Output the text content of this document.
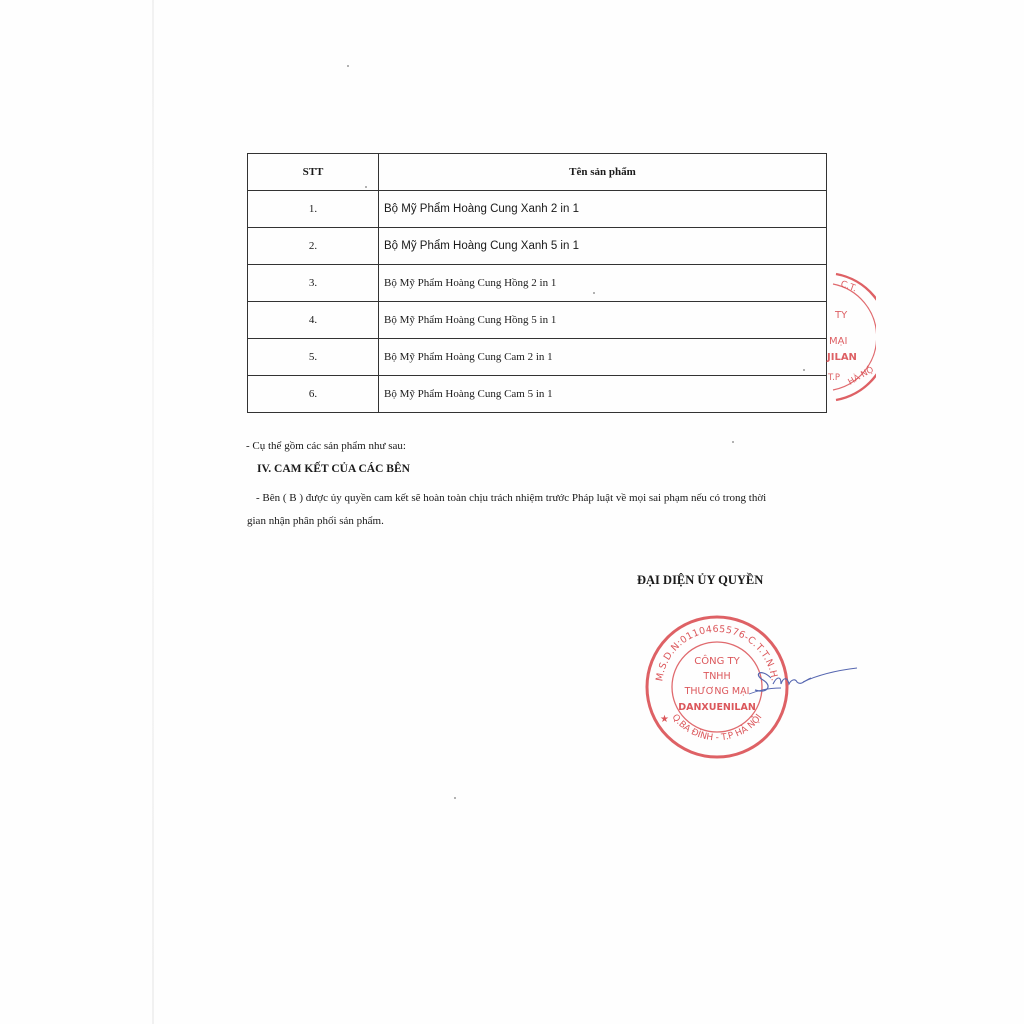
STT	Tên sản phẩm
1.	Bộ Mỹ Phẩm Hoàng Cung Xanh 2 in 1
2.	Bộ Mỹ Phẩm Hoàng Cung Xanh 5 in 1
3.	Bộ Mỹ Phẩm Hoàng Cung Hồng 2 in 1
4.	Bộ Mỹ Phẩm Hoàng Cung Hồng 5 in 1
5.	Bộ Mỹ Phẩm Hoàng Cung Cam 2 in 1
6.	Bộ Mỹ Phẩm Hoàng Cung Cam 5 in 1
C.T.
HÀ NỘ
TY
MẠI
JILAN
T.P
- Cụ thể gồm các sản phẩm như sau:
IV. CAM KẾT CỦA CÁC BÊN
- Bên ( B ) được ủy quyền cam kết sẽ hoàn toàn chịu trách nhiệm trước Pháp luật về mọi sai phạm nếu có trong thời
gian nhận phân phối sản phẩm.
ĐẠI DIỆN ỦY QUYỀN
M.S.D.N:0110465576-C.T.T.N.H.
Q.BA ĐÌNH - T.P HÀ NỘI
CÔNG TY
TNHH
THƯƠNG MẠI
DANXUENILAN
★
